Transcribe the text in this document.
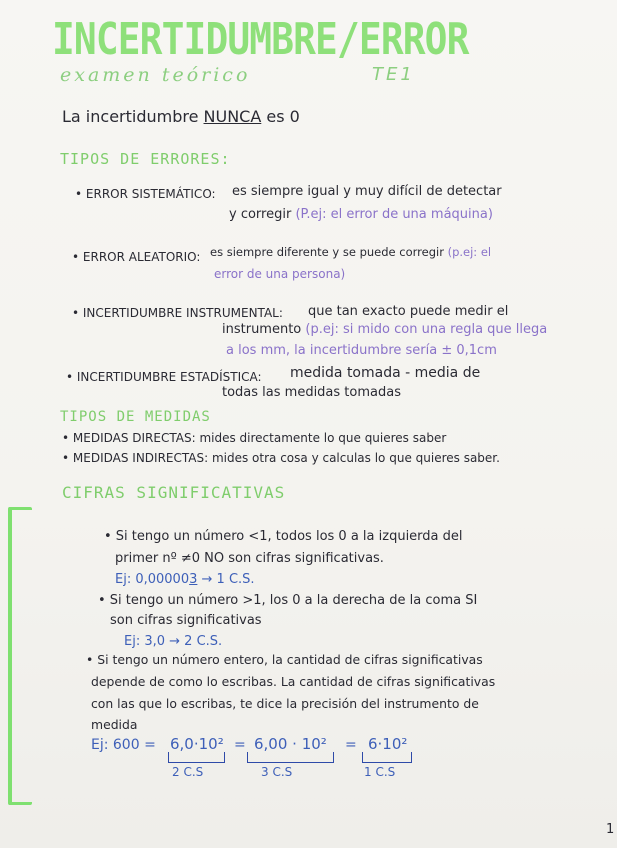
INCERTIDUMBRE/ERROR
examen teórico	TE1
La incertidumbre NUNCA es 0
TIPOS DE ERRORES:
• ERROR SISTEMÁTICO: es siempre igual y muy difícil de detectar
y corregir (P.ej: el error de una máquina)
• ERROR ALEATORIO: es siempre diferente y se puede corregir (p.ej: el
error de una persona)
• INCERTIDUMBRE INSTRUMENTAL: que tan exacto puede medir el
instrumento (p.ej: si mido con una regla que llega
a los mm, la incertidumbre sería ± 0,1cm
• INCERTIDUMBRE ESTADÍSTICA: medida tomada - media de
todas las medidas tomadas
TIPOS DE MEDIDAS
• MEDIDAS DIRECTAS: mides directamente lo que quieres saber
• MEDIDAS INDIRECTAS: mides otra cosa y calculas lo que quieres saber.
CIFRAS SIGNIFICATIVAS
• Si tengo un número <1, todos los 0 a la izquierda del
primer nº ≠0 NO son cifras significativas.
Ej: 0,000003 → 1 C.S.
• Si tengo un número >1, los 0 a la derecha de la coma SI
son cifras significativas
Ej: 3,0 → 2 C.S.
• Si tengo un número entero, la cantidad de cifras significativas
depende de como lo escribas. La cantidad de cifras significativas
con las que lo escribas, te dice la precisión del instrumento de
medida
Ej: 600 = 6,0·10² = 6,00 · 10² = 6·10²
2 C.S	3 C.S	1 C.S
1
